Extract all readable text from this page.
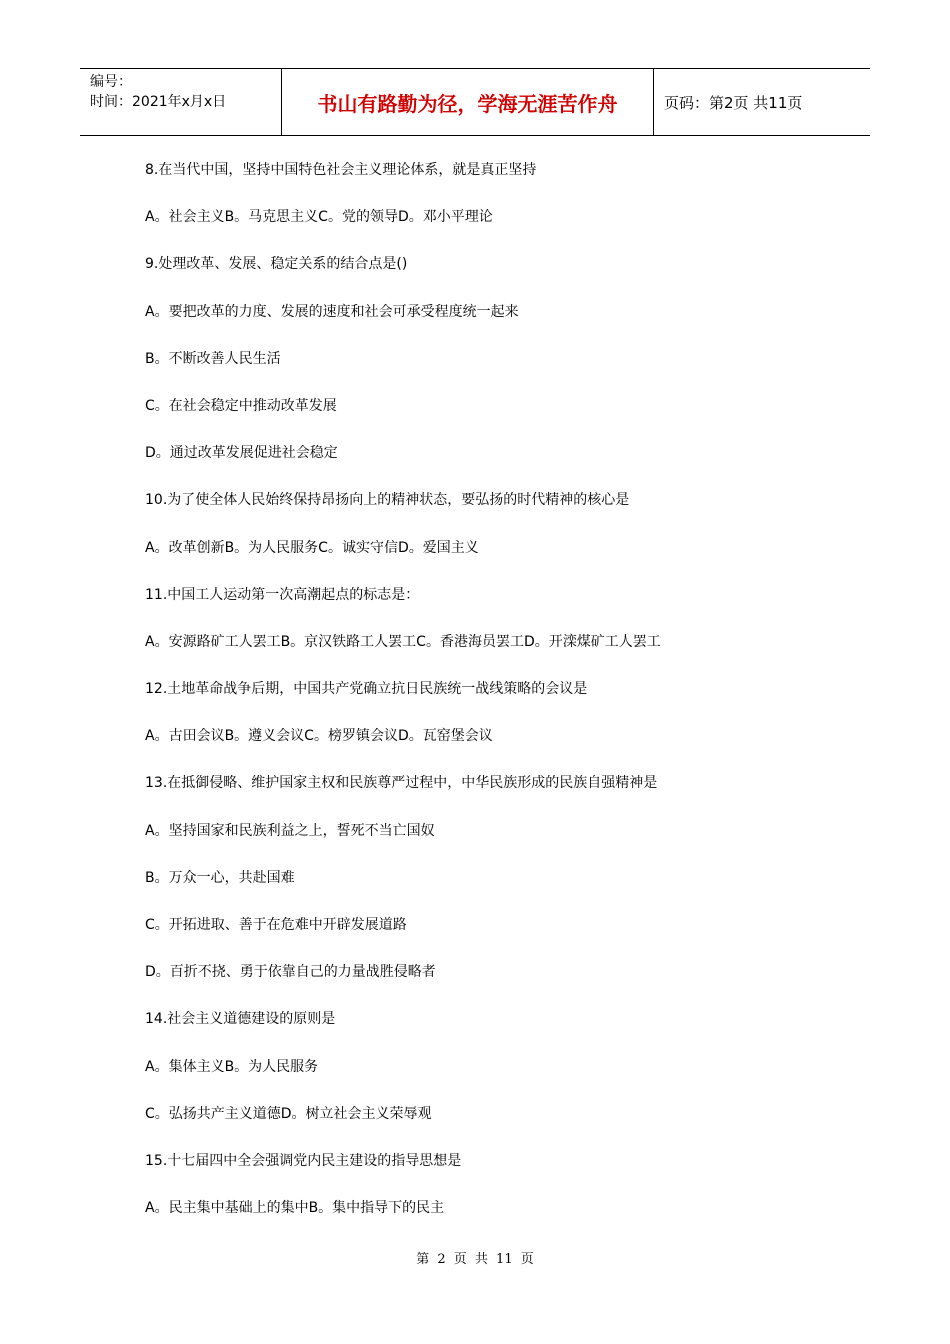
编号：
时间：2021年x月x日	书山有路勤为径，学海无涯苦作舟	页码：第2页 共11页
8.在当代中国，坚持中国特色社会主义理论体系，就是真正坚持
A。社会主义B。马克思主义C。党的领导D。邓小平理论
9.处理改革、发展、稳定关系的结合点是()
A。要把改革的力度、发展的速度和社会可承受程度统一起来
B。不断改善人民生活
C。在社会稳定中推动改革发展
D。通过改革发展促进社会稳定
10.为了使全体人民始终保持昂扬向上的精神状态，要弘扬的时代精神的核心是
A。改革创新B。为人民服务C。诚实守信D。爱国主义
11.中国工人运动第一次高潮起点的标志是：
A。安源路矿工人罢工B。京汉铁路工人罢工C。香港海员罢工D。开滦煤矿工人罢工
12.土地革命战争后期，中国共产党确立抗日民族统一战线策略的会议是
A。古田会议B。遵义会议C。榜罗镇会议D。瓦窑堡会议
13.在抵御侵略、维护国家主权和民族尊严过程中，中华民族形成的民族自强精神是
A。坚持国家和民族利益之上，誓死不当亡国奴
B。万众一心，共赴国难
C。开拓进取、善于在危难中开辟发展道路
D。百折不挠、勇于依靠自己的力量战胜侵略者
14.社会主义道德建设的原则是
A。集体主义B。为人民服务
C。弘扬共产主义道德D。树立社会主义荣辱观
15.十七届四中全会强调党内民主建设的指导思想是
A。民主集中基础上的集中B。集中指导下的民主
第 2 页 共 11 页
